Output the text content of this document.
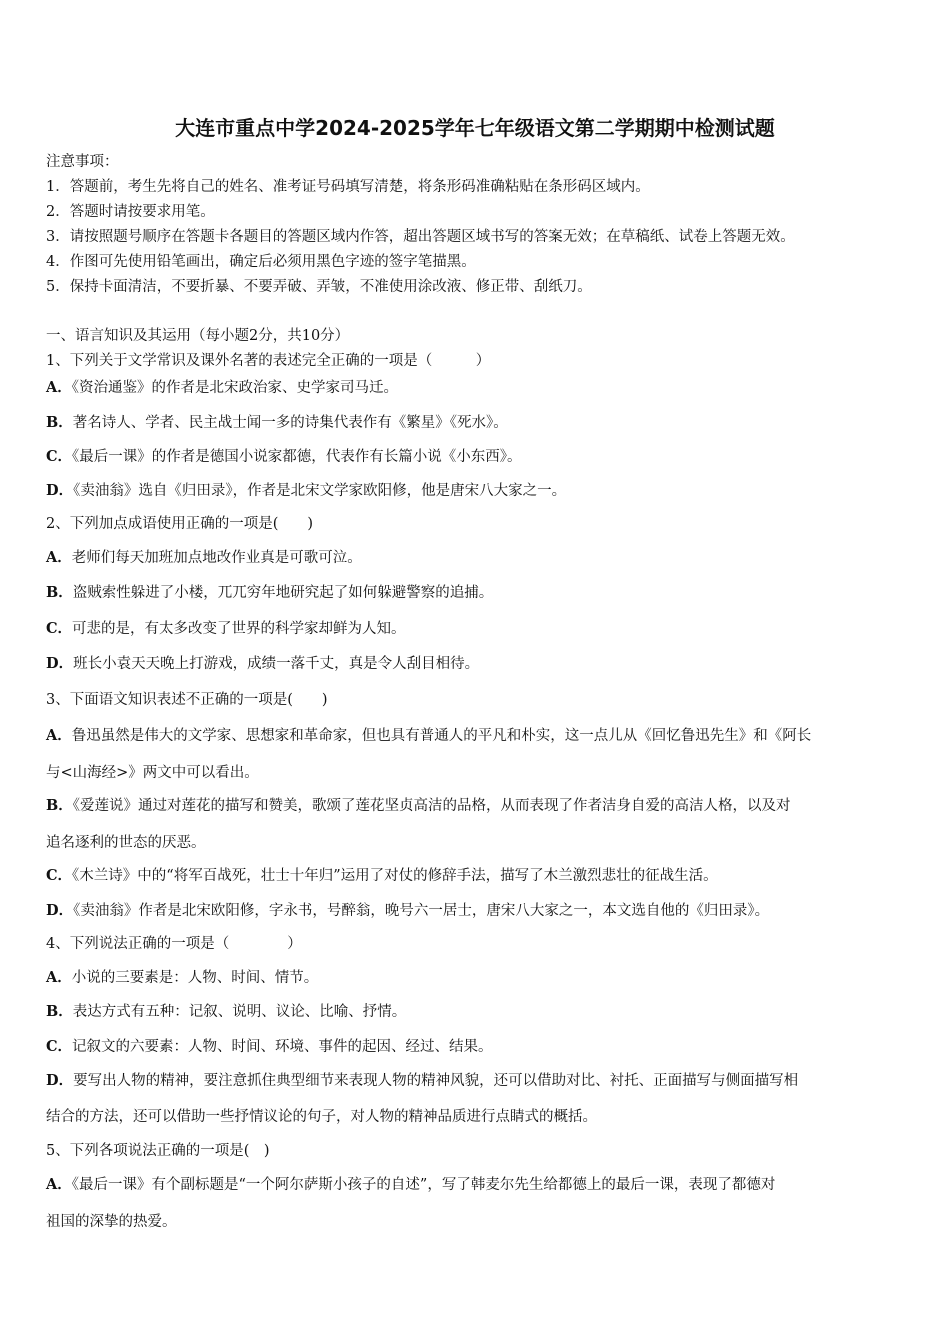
大连市重点中学2024-2025学年七年级语文第二学期期中检测试题
注意事项：
1．答题前，考生先将自己的姓名、准考证号码填写清楚，将条形码准确粘贴在条形码区域内。
2．答题时请按要求用笔。
3．请按照题号顺序在答题卡各题目的答题区域内作答，超出答题区域书写的答案无效；在草稿纸、试卷上答题无效。
4．作图可先使用铅笔画出，确定后必须用黑色字迹的签字笔描黑。
5．保持卡面清洁，不要折暴、不要弄破、弄皱，不准使用涂改液、修正带、刮纸刀。
一、语言知识及其运用（每小题2分，共10分）
1、下列关于文学常识及课外名著的表述完全正确的一项是（　　　）
A．《资治通鉴》的作者是北宋政治家、史学家司马迁。
B．著名诗人、学者、民主战士闻一多的诗集代表作有《繁星》《死水》。
C．《最后一课》的作者是德国小说家都德，代表作有长篇小说《小东西》。
D．《卖油翁》选自《归田录》，作者是北宋文学家欧阳修，他是唐宋八大家之一。
2、下列加点成语使用正确的一项是(　　)
A．老师们每天加班加点地改作业真是可歌可泣。
B．盗贼索性躲进了小楼，兀兀穷年地研究起了如何躲避警察的追捕。
C．可悲的是，有太多改变了世界的科学家却鲜为人知。
D．班长小袁天天晚上打游戏，成绩一落千丈，真是令人刮目相待。
3、下面语文知识表述不正确的一项是(　　)
A．鲁迅虽然是伟大的文学家、思想家和革命家，但也具有普通人的平凡和朴实，这一点儿从《回忆鲁迅先生》和《阿长
与<山海经>》两文中可以看出。
B．《爱莲说》通过对莲花的描写和赞美，歌颂了莲花坚贞高洁的品格，从而表现了作者洁身自爱的高洁人格，以及对
追名逐利的世态的厌恶。
C．《木兰诗》中的“将军百战死，壮士十年归”运用了对仗的修辞手法，描写了木兰激烈悲壮的征战生活。
D．《卖油翁》作者是北宋欧阳修，字永书，号醉翁，晚号六一居士，唐宋八大家之一，本文选自他的《归田录》。
4、下列说法正确的一项是（　　　　）
A．小说的三要素是：人物、时间、情节。
B．表达方式有五种：记叙、说明、议论、比喻、抒情。
C．记叙文的六要素：人物、时间、环境、事件的起因、经过、结果。
D．要写出人物的精神，要注意抓住典型细节来表现人物的精神风貌，还可以借助对比、衬托、正面描写与侧面描写相
结合的方法，还可以借助一些抒情议论的句子，对人物的精神品质进行点睛式的概括。
5、下列各项说法正确的一项是(　)
A．《最后一课》有个副标题是“一个阿尔萨斯小孩子的自述”，写了韩麦尔先生给都德上的最后一课，表现了都德对
祖国的深挚的热爱。
